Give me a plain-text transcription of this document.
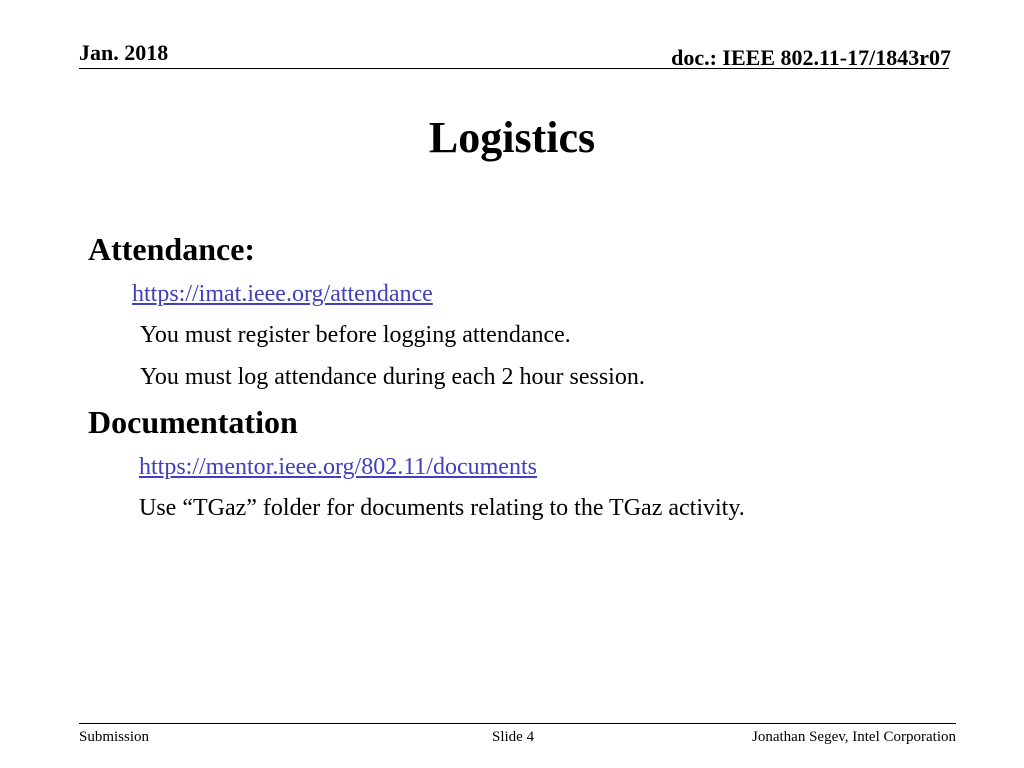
Jan. 2018	doc.: IEEE 802.11-17/1843r07
Logistics
Attendance:
https://imat.ieee.org/attendance
You must register before logging attendance.
You must log attendance during each 2 hour session.
Documentation
https://mentor.ieee.org/802.11/documents
Use “TGaz” folder for documents relating to the TGaz activity.
Submission	Slide 4	Jonathan Segev, Intel Corporation
